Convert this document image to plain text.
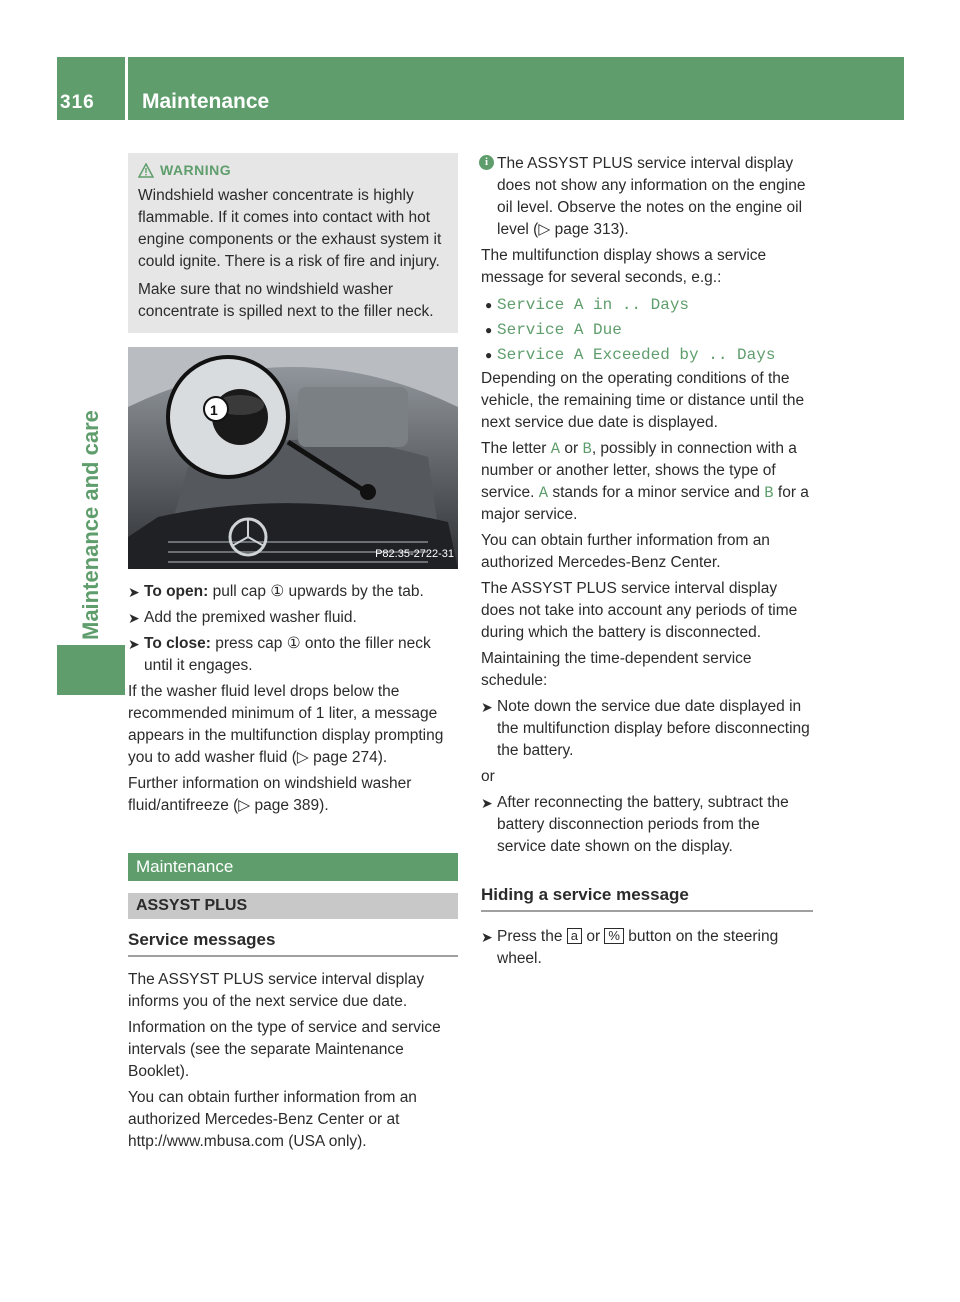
316 Maintenance
Maintenance and care
WARNING

Windshield washer concentrate is highly flammable. If it comes into contact with hot engine components or the exhaust system it could ignite. There is a risk of fire and injury.

Make sure that no windshield washer concentrate is spilled next to the filler neck.

1
P82.35-2722-31

➤ To open: pull cap ① upwards by the tab.

➤ Add the premixed washer fluid.

➤ To close: press cap ① onto the filler neck until it engages.

If the washer fluid level drops below the recommended minimum of 1 liter, a message appears in the multifunction display prompting you to add washer fluid (▷ page 274).

Further information on windshield washer fluid/antifreeze (▷ page 389).

Maintenance
ASSYST PLUS
Service messages

The ASSYST PLUS service interval display informs you of the next service due date.

Information on the type of service and service intervals (see the separate Maintenance Booklet).

You can obtain further information from an authorized Mercedes-Benz Center or at http://www.mbusa.com (USA only).

i The ASSYST PLUS service interval display does not show any information on the engine oil level. Observe the notes on the engine oil level (▷ page 313).

The multifunction display shows a service message for several seconds, e.g.:

● Service A in .. Days
● Service A Due
● Service A Exceeded by .. Days

Depending on the operating conditions of the vehicle, the remaining time or distance until the next service due date is displayed.

The letter A or B, possibly in connection with a number or another letter, shows the type of service. A stands for a minor service and B for a major service.

You can obtain further information from an authorized Mercedes-Benz Center.

The ASSYST PLUS service interval display does not take into account any periods of time during which the battery is disconnected.

Maintaining the time-dependent service schedule:

➤ Note down the service due date displayed in the multifunction display before disconnecting the battery.

or

➤ After reconnecting the battery, subtract the battery disconnection periods from the service date shown on the display.

Hiding a service message

➤ Press the a or % button on the steering wheel.
